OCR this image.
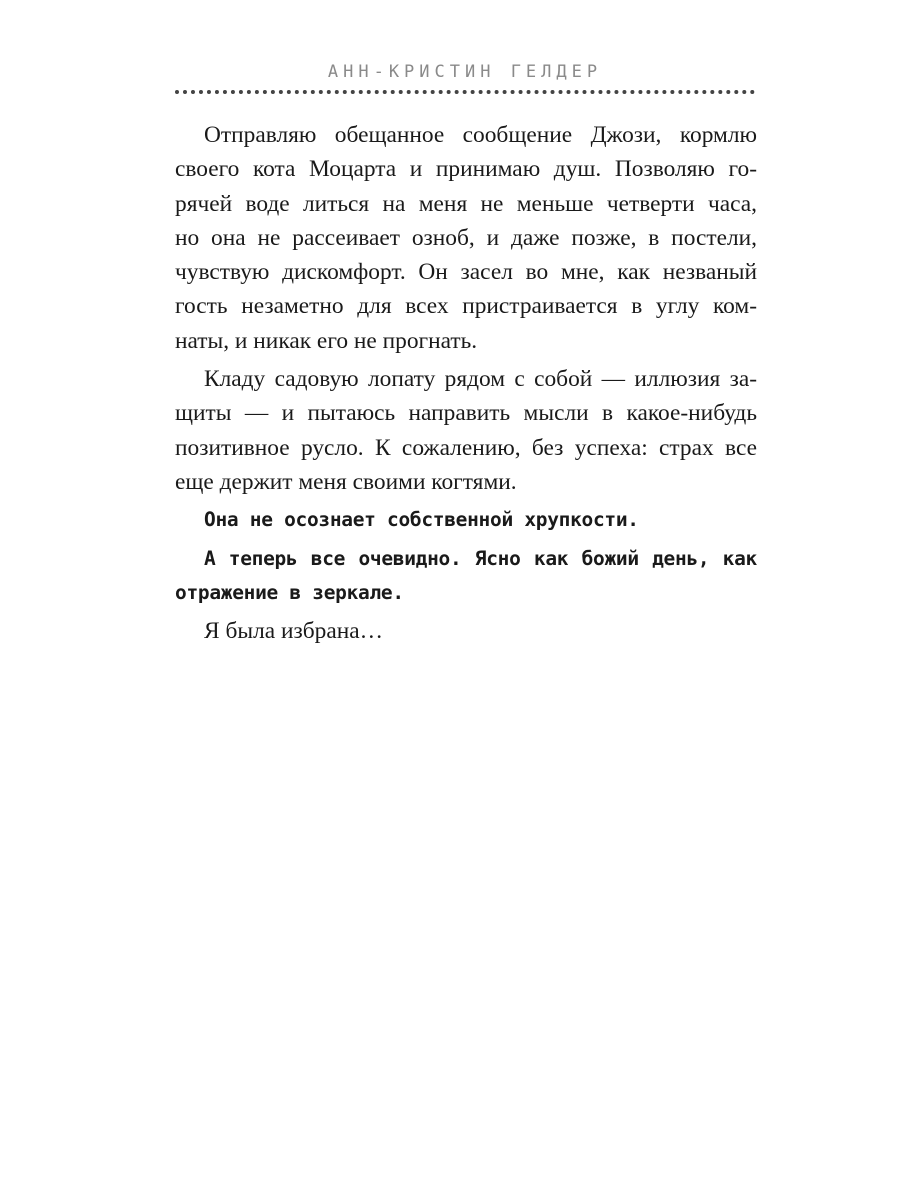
АНН-КРИСТИН ГЕЛДЕР
Отправляю обещанное сообщение Джози, кормлю
своего кота Моцарта и принимаю душ. Позволяю го-
рячей воде литься на меня не меньше четверти часа,
но она не рассеивает озноб, и даже позже, в постели,
чувствую дискомфорт. Он засел во мне, как незваный
гость незаметно для всех пристраивается в углу ком-
наты, и никак его не прогнать.
Кладу садовую лопату рядом с собой — иллюзия за-
щиты — и пытаюсь направить мысли в какое-нибудь
позитивное русло. К сожалению, без успеха: страх все
еще держит меня своими когтями.
Она не осознает собственной хрупкости.
А теперь все очевидно. Ясно как божий день, как
отражение в зеркале.
Я была избрана…
